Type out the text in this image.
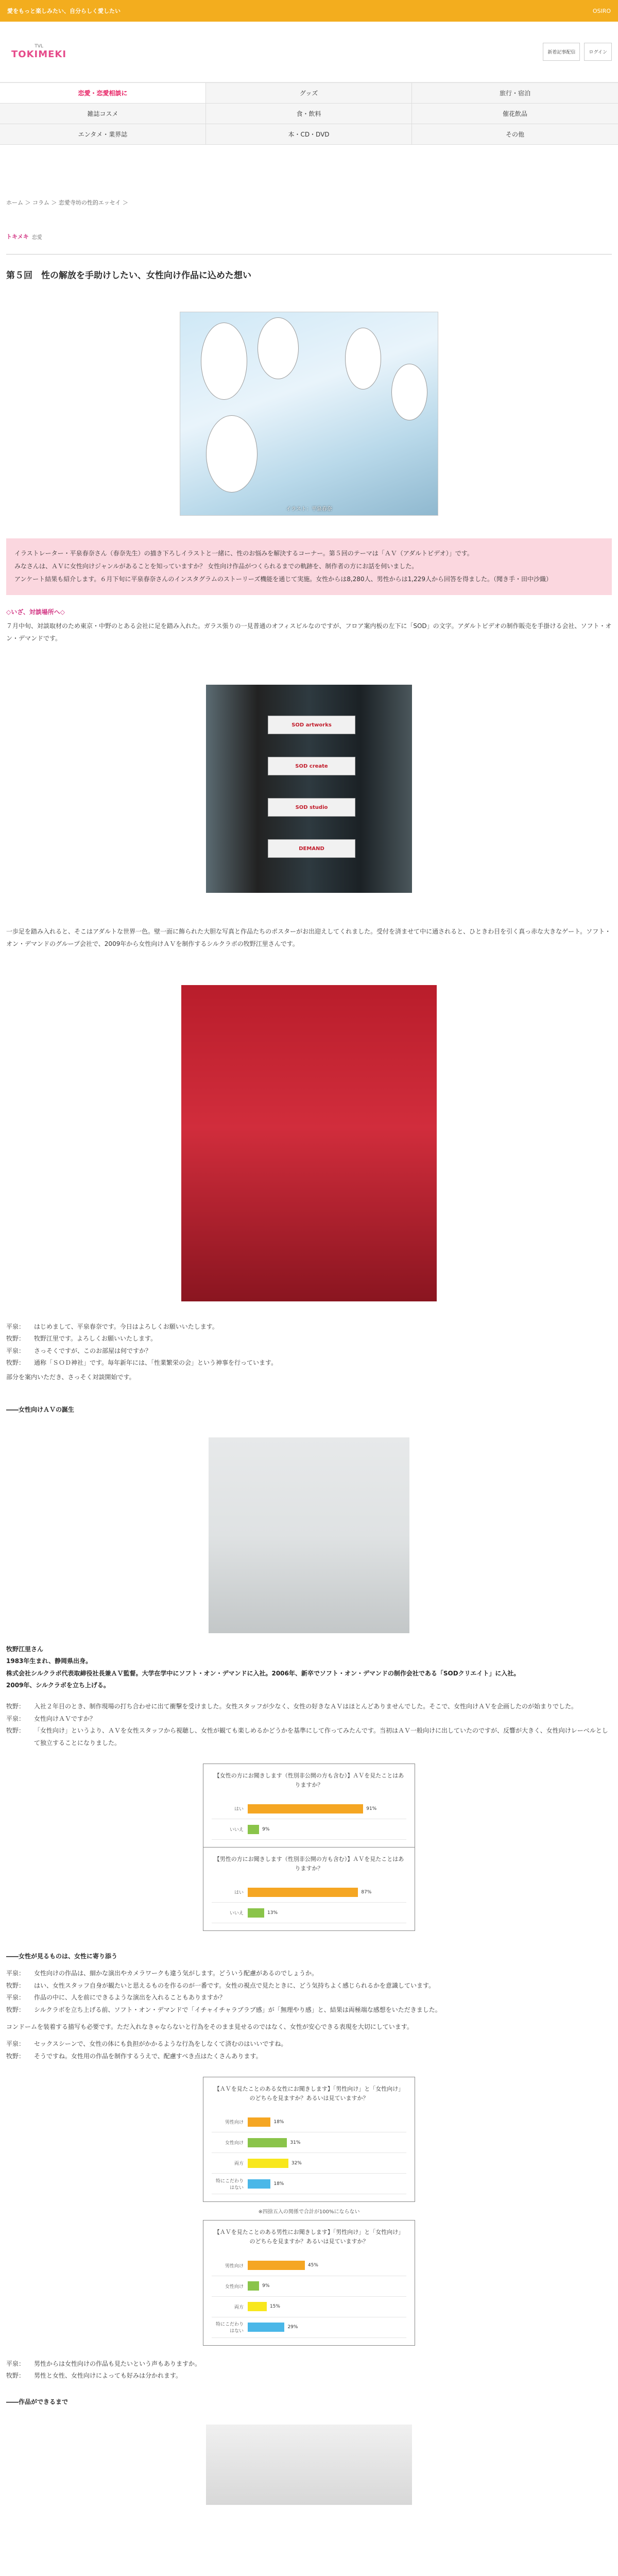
愛をもっと楽しみたい、自分らしく愛したい	OSIRO
TVL
TOKIMEKI	新着記事配信	ログイン
恋愛・恋愛相談に	グッズ	旅行・宿泊
雑誌コスメ	食・飲料	催花飲品
エンタメ・業界誌	本・CD・DVD	その他
ホーム ＞ コラム ＞ 恋愛寺坊の性的エッセイ ＞
トキメキ 恋愛
第５回　性の解放を手助けしたい、女性向け作品に込めた想い
イラスト：平泉春奈

イラストレーター・平泉春奈さん（春奈先生）の描き下ろしイラストと一緒に、性のお悩みを解決するコーナー。第５回のテーマは「ＡＶ（アダルトビデオ）」です。

みなさんは、ＡＶに女性向けジャンルがあることを知っていますか？ 女性向け作品がつくられるまでの軌跡を、制作者の方にお話を伺いました。

アンケート結果も紹介します。６月下旬に平泉春奈さんのインスタグラムのストーリーズ機能を通じて実施。女性からは8,280人、男性からは1,229人から回答を得ました。（聞き手・田中沙織）

◇いざ、対談場所へ◇
７月中旬、対談取材のため東京・中野のとある会社に足を踏み入れた。ガラス張りの一見普通のオフィスビルなのですが、フロア案内板の左下に「SOD」の文字。アダルトビデオの制作販売を手掛ける会社、ソフト・オン・デマンドです。
SOD artworks
SOD create
SOD studio
DEMAND
一歩足を踏み入れると、そこはアダルトな世界一色。壁一面に飾られた大胆な写真と作品たちのポスターがお出迎えしてくれました。受付を済ませて中に通されると、ひときわ目を引く真っ赤な大きなゲート。ソフト・オン・デマンドのグループ会社で、2009年から女性向けＡＶを制作するシルクラボの牧野江里さんです。
平泉：	はじめまして、平泉春奈です。今日はよろしくお願いいたします。
牧野：	牧野江里です。よろしくお願いいたします。
平泉：	さっそくですが、このお部屋は何ですか？
牧野：	通称「ＳＯＤ神社」です。毎年新年には、「性業繁栄の会」という神事を行っています。
部分を案内いただき、さっそく対談開始です。
――女性向けＡＶの誕生
牧野江里さん
1983年生まれ、静岡県出身。
株式会社シルクラボ代表取締役社長兼ＡＶ監督。大学在学中にソフト・オン・デマンドに入社。2006年、新卒でソフト・オン・デマンドの制作会社である「SODクリエイト」に入社。
2009年、シルクラボを立ち上げる。
牧野：	入社２年目のとき、制作現場の打ち合わせに出て衝撃を受けました。女性スタッフが少なく、女性の好きなＡＶはほとんどありませんでした。そこで、女性向けＡＶを企画したのが始まりでした。
平泉：	女性向けＡＶですか？
牧野：	「女性向け」というより、ＡＶを女性スタッフから視聴し、女性が観ても楽しめるかどうかを基準にして作ってみたんです。当初はＡＶ一般向けに出していたのですが、反響が大きく、女性向けレーベルとして独立することになりました。
【女性の方にお聞きします（性別非公開の方も含む）】ＡＶを見たことはありますか？
はい	91%
いいえ	9%
【男性の方にお聞きします（性別非公開の方も含む）】ＡＶを見たことはありますか？
はい	87%
いいえ	13%
――女性が見るものは、女性に寄り添う
平泉：	女性向けの作品は、細かな演出やカメラワークも違う気がします。どういう配慮があるのでしょうか。
牧野：	はい、女性スタッフ自身が観たいと思えるものを作るのが一番です。女性の視点で見たときに、どう気持ちよく感じられるかを意識しています。
平泉：	作品の中に、人を前にできるような演出を入れることもありますか？
牧野：	シルクラボを立ち上げる前、ソフト・オン・デマンドで「イチャイチャラブラブ感」が「無理やり感」と、結果は両極端な感想をいただきました。
コンドームを装着する描写も必要です。ただ入れなきゃならないと行為をそのまま見せるのではなく、女性が安心できる表現を大切にしています。
平泉：	セックスシーンで、女性の体にも負担がかかるような行為をしなくて済むのはいいですね。
牧野：	そうですね。女性用の作品を制作するうえで、配慮すべき点はたくさんあります。
【ＡＶを見たことのある女性にお聞きします】「男性向け」と「女性向け」のどちらを見ますか？あるいは見ていますか？
男性向け	18%
女性向け	31%
両方	32%
特にこだわりはない
18%
※四捨五入の関係で合計が100%にならない
【ＡＶを見たことのある男性にお聞きします】「男性向け」と「女性向け」のどちらを見ますか？あるいは見ていますか？
男性向け	45%
女性向け	9%
両方	15%
特にこだわりはない
29%
平泉：	男性からは女性向けの作品も見たいという声もありますか。
牧野：	男性と女性、女性向けによっても好みは分かれます。
――作品ができるまで
